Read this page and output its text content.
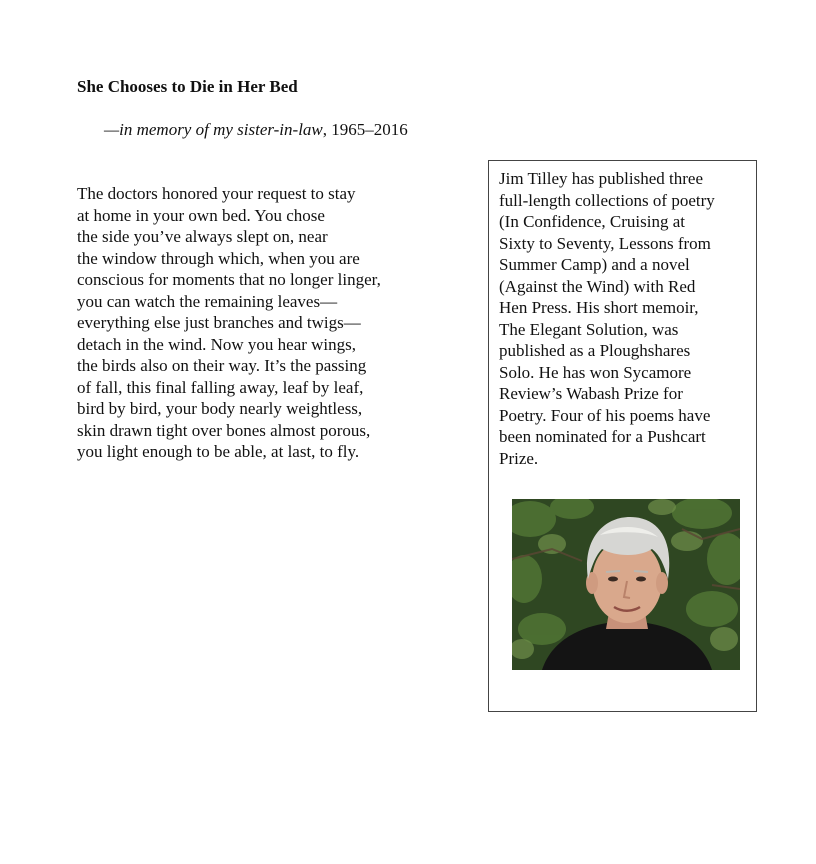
She Chooses to Die in Her Bed
—in memory of my sister-in-law, 1965–2016
The doctors honored your request to stay
at home in your own bed. You chose
the side you’ve always slept on, near
the window through which, when you are
conscious for moments that no longer linger,
you can watch the remaining leaves—
everything else just branches and twigs—
detach in the wind. Now you hear wings,
the birds also on their way. It’s the passing
of fall, this final falling away, leaf by leaf,
bird by bird, your body nearly weightless,
skin drawn tight over bones almost porous,
you light enough to be able, at last, to fly.
Jim Tilley has published three
full-length collections of poetry
(In Confidence, Cruising at
Sixty to Seventy, Lessons from
Summer Camp) and a novel
(Against the Wind) with Red
Hen Press. His short memoir,
The Elegant Solution, was
published as a Ploughshares
Solo. He has won Sycamore
Review’s Wabash Prize for
Poetry. Four of his poems have
been nominated for a Pushcart
Prize.
